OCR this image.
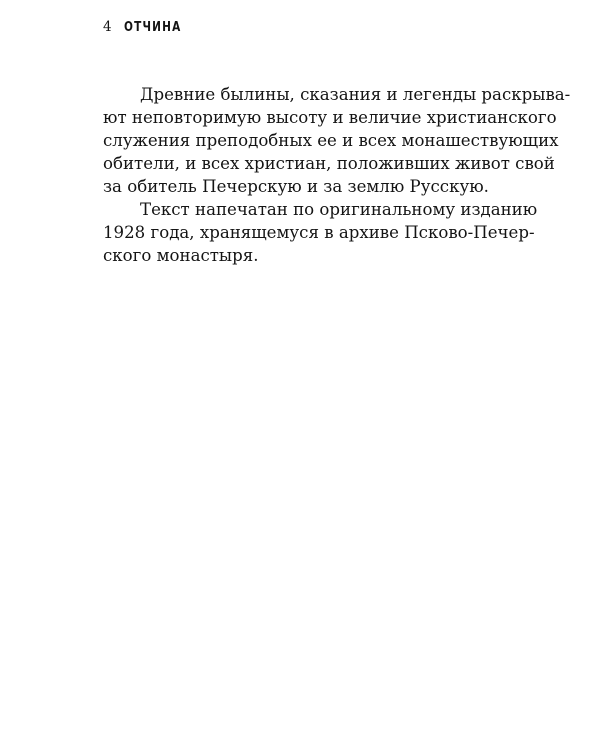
4 ОТЧИНА

Древние былины, сказания и легенды раскрыва-

ют неповторимую высоту и величие христианского

служения преподобных ее и всех монашествующих

обители, и всех христиан, положивших живот свой

за обитель Печерскую и за землю Русскую.

Текст напечатан по оригинальному изданию

1928 года, хранящемуся в архиве Псково-Печер-

ского монастыря.
